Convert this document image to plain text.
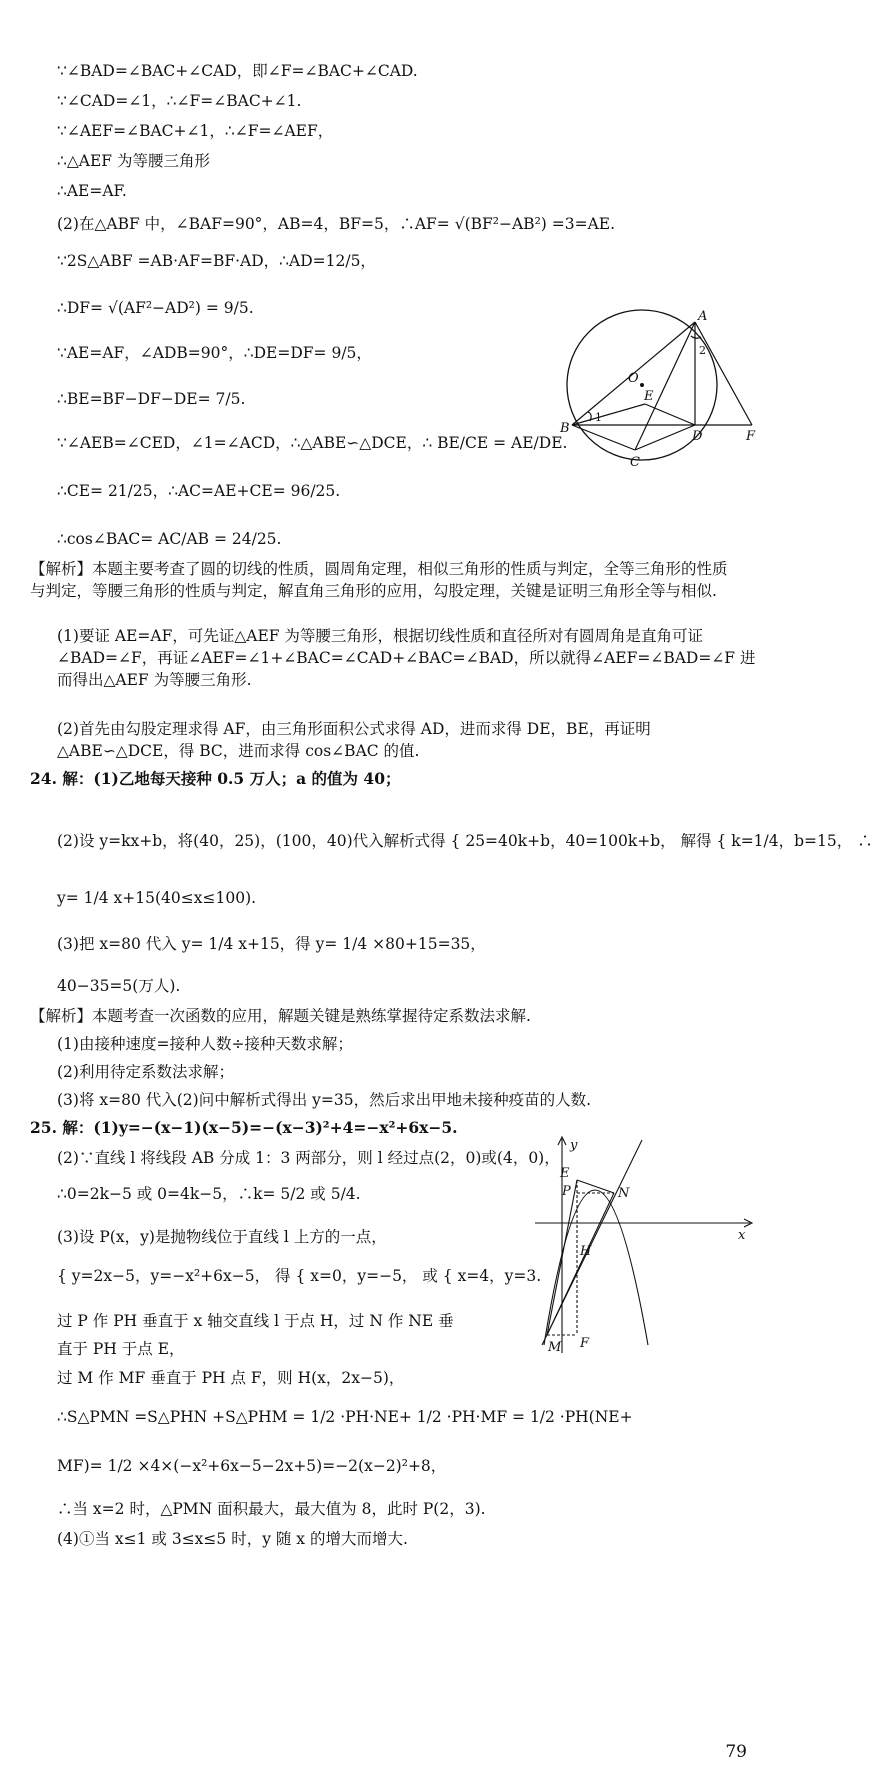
∵∠BAD=∠BAC+∠CAD，即∠F=∠BAC+∠CAD.
∵∠CAD=∠1，∴∠F=∠BAC+∠1.
∵∠AEF=∠BAC+∠1，∴∠F=∠AEF，
∴△AEF 为等腰三角形
∴AE=AF.
(2)在△ABF 中，∠BAF=90°，AB=4，BF=5，∴AF= √(BF²−AB²) =3=AE.
∵2S△ABF =AB·AF=BF·AD，∴AD=12/5，
∴DF= √(AF²−AD²) = 9/5.
∵AE=AF，∠ADB=90°，∴DE=DF= 9/5，
∴BE=BF−DF−DE= 7/5.
∵∠AEB=∠CED，∠1=∠ACD，∴△ABE∽△DCE，∴ BE/CE = AE/DE.
∴CE= 21/25，∴AC=AE+CE= 96/25.
∴cos∠BAC= AC/AB = 24/25.
【解析】本题主要考查了圆的切线的性质，圆周角定理，相似三角形的性质与判定，全等三角形的性质与判定，等腰三角形的性质与判定，解直角三角形的应用，勾股定理，关键是证明三角形全等与相似.
(1)要证 AE=AF，可先证△AEF 为等腰三角形，根据切线性质和直径所对有圆周角是直角可证∠BAD=∠F，再证∠AEF=∠1+∠BAC=∠CAD+∠BAC=∠BAD，所以就得∠AEF=∠BAD=∠F 进而得出△AEF 为等腰三角形.
(2)首先由勾股定理求得 AF，由三角形面积公式求得 AD，进而求得 DE，BE，再证明△ABE∽△DCE，得 BC，进而求得 cos∠BAC 的值.
24. 解：(1)乙地每天接种 0.5 万人；a 的值为 40；
(2)设 y=kx+b，将(40，25)，(100，40)代入解析式得 { 25=40k+b，40=100k+b， 解得 { k=1/4，b=15， ∴
y= 1/4 x+15(40≤x≤100).
(3)把 x=80 代入 y= 1/4 x+15，得 y= 1/4 ×80+15=35，
40−35=5(万人).
【解析】本题考查一次函数的应用，解题关键是熟练掌握待定系数法求解.
(1)由接种速度=接种人数÷接种天数求解；
(2)利用待定系数法求解；
(3)将 x=80 代入(2)问中解析式得出 y=35，然后求出甲地未接种疫苗的人数.
25. 解：(1)y=−(x−1)(x−5)=−(x−3)²+4=−x²+6x−5.
(2)∵直线 l 将线段 AB 分成 1：3 两部分，则 l 经过点(2，0)或(4，0)，
∴0=2k−5 或 0=4k−5，∴k= 5/2 或 5/4.
(3)设 P(x，y)是抛物线位于直线 l 上方的一点，
{ y=2x−5，y=−x²+6x−5， 得 { x=0，y=−5， 或 { x=4，y=3.
过 P 作 PH 垂直于 x 轴交直线 l 于点 H，过 N 作 NE 垂
直于 PH 于点 E，
过 M 作 MF 垂直于 PH 点 F，则 H(x，2x−5)，
∴S△PMN =S△PHN +S△PHM = 1/2 ·PH·NE+ 1/2 ·PH·MF = 1/2 ·PH(NE+
MF)= 1/2 ×4×(−x²+6x−5−2x+5)=−2(x−2)²+8，
∴当 x=2 时，△PMN 面积最大，最大值为 8，此时 P(2，3).
(4)①当 x≤1 或 3≤x≤5 时，y 随 x 的增大而增大.
A
O
E
B
C
D	F
1
2
y
x
E
P	N
H
M F
79
